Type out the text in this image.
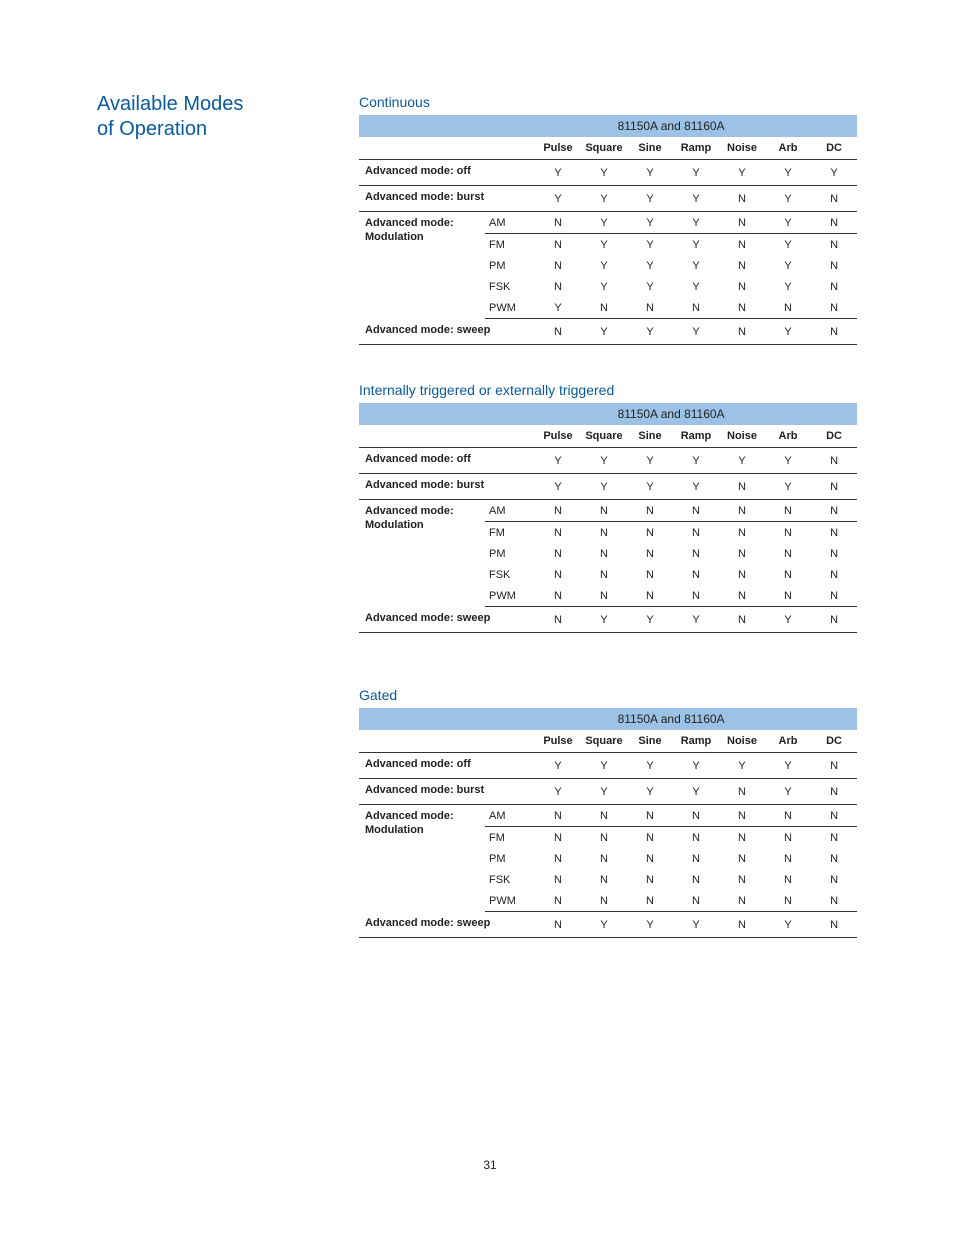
Available Modes
of Operation
Continuous
81150A and 81160A								
		Pulse	Square	Sine	Ramp	Noise	Arb	DC
Advanced mode: off		Y	Y	Y	Y	Y	Y	Y
Advanced mode: burst		Y	Y	Y	Y	N	Y	N
Advanced mode: Modulation	AM	N	Y	Y	Y	N	Y	N
	FM	N	Y	Y	Y	N	Y	N
	PM	N	Y	Y	Y	N	Y	N
	FSK	N	Y	Y	Y	N	Y	N
	PWM	Y	N	N	N	N	N	N
Advanced mode: sweep		N	Y	Y	Y	N	Y	N
Internally triggered or externally triggered
81150A and 81160A								
		Pulse	Square	Sine	Ramp	Noise	Arb	DC
Advanced mode: off		Y	Y	Y	Y	Y	Y	N
Advanced mode: burst		Y	Y	Y	Y	N	Y	N
Advanced mode: Modulation	AM	N	N	N	N	N	N	N
	FM	N	N	N	N	N	N	N
	PM	N	N	N	N	N	N	N
	FSK	N	N	N	N	N	N	N
	PWM	N	N	N	N	N	N	N
Advanced mode: sweep		N	Y	Y	Y	N	Y	N
Gated
81150A and 81160A								
		Pulse	Square	Sine	Ramp	Noise	Arb	DC
Advanced mode: off		Y	Y	Y	Y	Y	Y	N
Advanced mode: burst		Y	Y	Y	Y	N	Y	N
Advanced mode: Modulation	AM	N	N	N	N	N	N	N
	FM	N	N	N	N	N	N	N
	PM	N	N	N	N	N	N	N
	FSK	N	N	N	N	N	N	N
	PWM	N	N	N	N	N	N	N
Advanced mode: sweep		N	Y	Y	Y	N	Y	N
31
